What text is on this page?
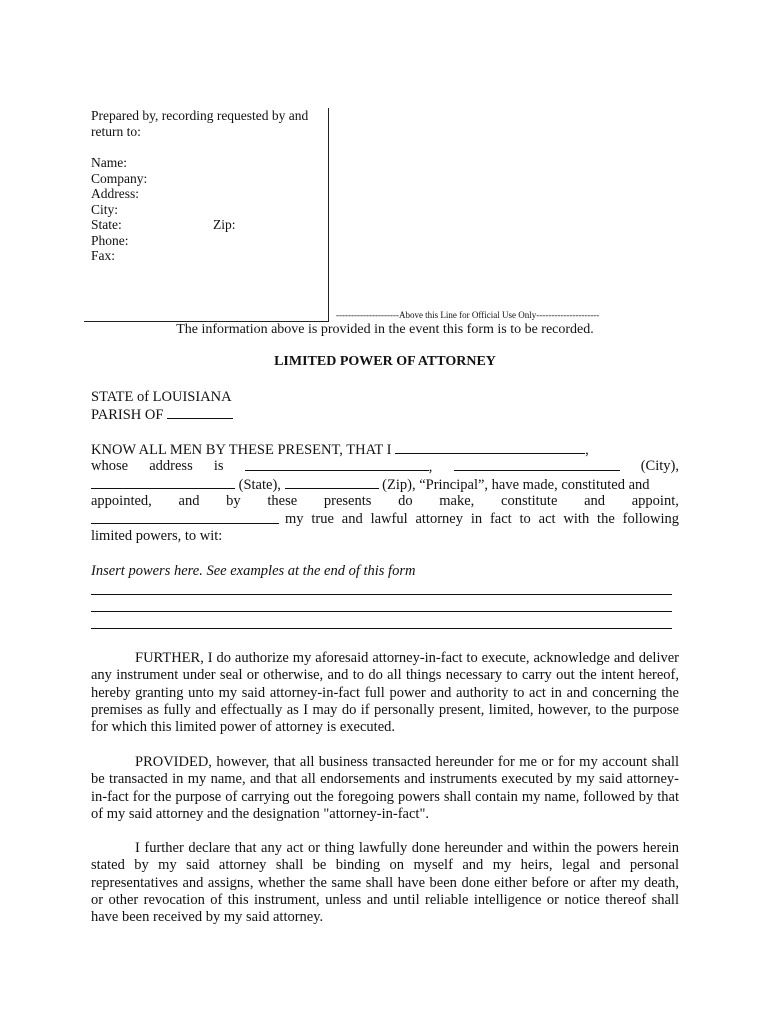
Prepared by, recording requested by and
return to:
Name:
Company:
Address:
City:
State:	Zip:
Phone:
Fax:
---------------------Above this Line for Official Use Only---------------------
The information above is provided in the event this form is to be recorded.
LIMITED POWER OF ATTORNEY
STATE of LOUISIANA
PARISH OF
KNOW ALL MEN BY THESE PRESENT, THAT I	,
whose address is	,	(City),
(State),	(Zip), “Principal”, have made, constituted and
appointed, and by these presents do make, constitute and appoint,
my true and lawful attorney in fact to act with the following
limited powers, to wit:
Insert powers here. See examples at the end of this form
FURTHER, I do authorize my aforesaid attorney-in-fact to execute, acknowledge and deliver any instrument under seal or otherwise, and to do all things necessary to carry out the intent hereof, hereby granting unto my said attorney-in-fact full power and authority to act in and concerning the premises as fully and effectually as I may do if personally present, limited, however, to the purpose for which this limited power of attorney is executed.
PROVIDED, however, that all business transacted hereunder for me or for my account shall be transacted in my name, and that all endorsements and instruments executed by my said attorney-in-fact for the purpose of carrying out the foregoing powers shall contain my name, followed by that of my said attorney and the designation "attorney-in-fact".
I further declare that any act or thing lawfully done hereunder and within the powers herein stated by my said attorney shall be binding on myself and my heirs, legal and personal representatives and assigns, whether the same shall have been done either before or after my death, or other revocation of this instrument, unless and until reliable intelligence or notice thereof shall have been received by my said attorney.
